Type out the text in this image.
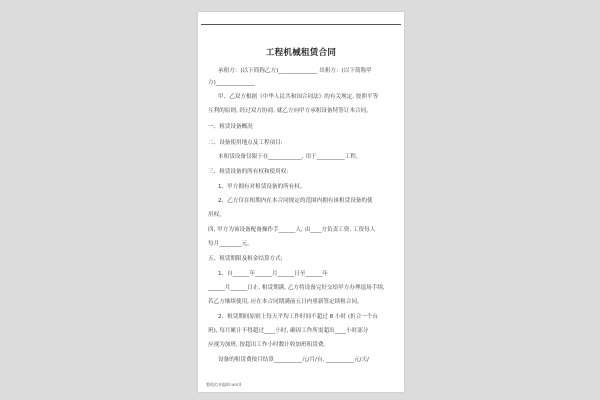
工程机械租赁合同
承租方：(以下简称乙方)______________ 出租方：(以下简称甲
方)______________
甲、乙双方根据《中华人民共和国合同法》的有关规定, 按照平等
互利的原则, 经过双方协商, 就乙方向甲方承租设备特签订本合同。
一、租赁设备概况
二、设备使用地点及工程项目:
本租赁设备仅限于在____________, 用于__________工程。
三、租赁设备的所有权和使用权:
1、甲方拥有对租赁设备的所有权。
2、乙方仅在租期内在本合同规定的范围内拥有该租赁设备的使
用权。
四, 甲方为该设备配备操作手______人, 由____方负责工资, 工资每人
每月________元。
五、租赁期限及租金结算方式:
1、自______年______月______日至______年
______月______日止, 租赁期满, 乙方将设备完好交给甲方办理退场手续,
若乙方继续使用, 应在本合同期满前五日内重新签定续租合同。
2、租赁期间原则上每天平均工作时间不超过 8 小时 (折合一个台
班), 每月累计不得超过____小时, 确因工作所需超出____小时部分
应视为加班, 按超出工作小时数计收加班租赁费。
设备的租赁费按月结算__________元/月/台, __________元/天/
整理范本编辑 word
